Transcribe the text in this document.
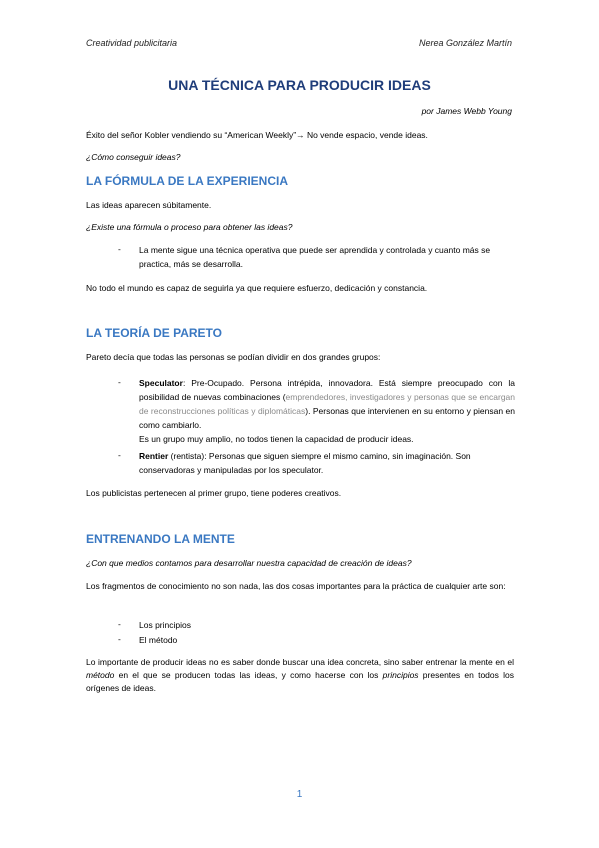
Creatividad publicitaria	Nerea González Martín
UNA TÉCNICA PARA PRODUCIR IDEAS
por James Webb Young
Éxito del señor Kobler vendiendo su “American Weekly”→ No vende espacio, vende ideas.
¿Cómo conseguir ideas?
LA FÓRMULA DE LA EXPERIENCIA
Las ideas aparecen súbitamente.
¿Existe una fórmula o proceso para obtener las ideas?
- La mente sigue una técnica operativa que puede ser aprendida y controlada y cuanto más se practica, más se desarrolla.
No todo el mundo es capaz de seguirla ya que requiere esfuerzo, dedicación y constancia.
LA TEORÍA DE PARETO
Pareto decía que todas las personas se podían dividir en dos grandes grupos:
- Speculator: Pre-Ocupado. Persona intrépida, innovadora. Está siempre preocupado con la posibilidad de nuevas combinaciones (emprendedores, investigadores y personas que se encargan de reconstrucciones políticas y diplomáticas). Personas que intervienen en su entorno y piensan en como cambiarlo.
Es un grupo muy amplio, no todos tienen la capacidad de producir ideas.
- Rentier (rentista): Personas que siguen siempre el mismo camino, sin imaginación. Son conservadoras y manipuladas por los speculator.
Los publicistas pertenecen al primer grupo, tiene poderes creativos.
ENTRENANDO LA MENTE
¿Con que medios contamos para desarrollar nuestra capacidad de creación de ideas?
Los fragmentos de conocimiento no son nada, las dos cosas importantes para la práctica de cualquier arte son:
- Los principios
- El método
Lo importante de producir ideas no es saber donde buscar una idea concreta, sino saber entrenar la mente en el método en el que se producen todas las ideas, y como hacerse con los principios presentes en todos los orígenes de ideas.
1
